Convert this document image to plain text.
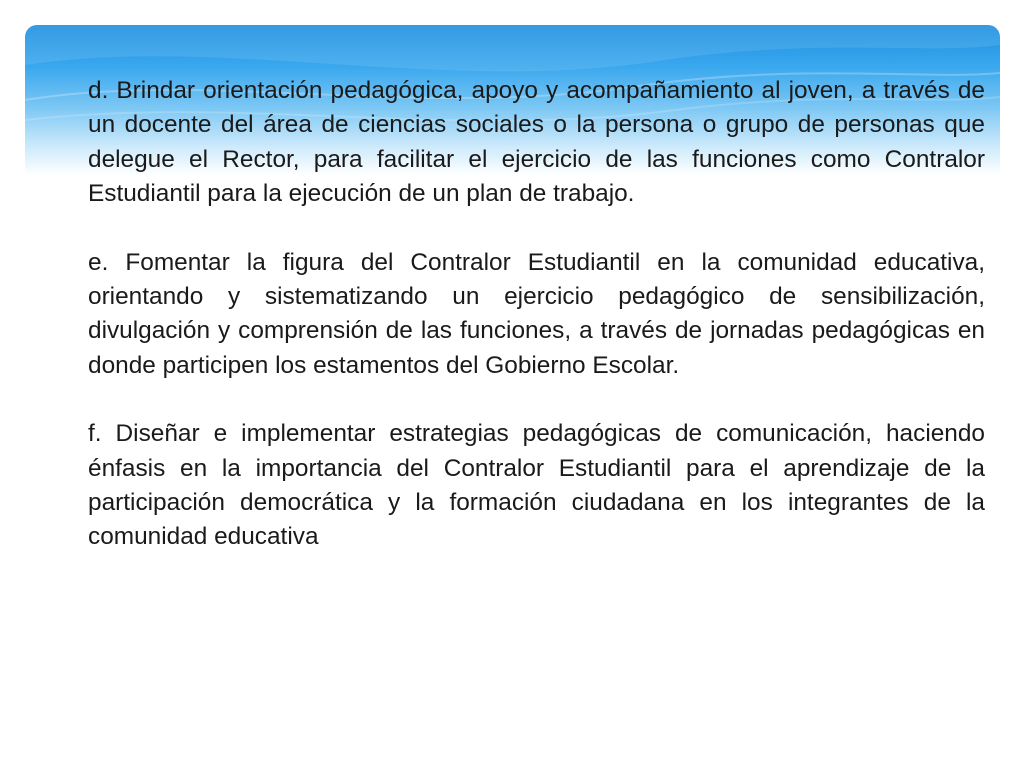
d. Brindar orientación pedagógica, apoyo y acompañamiento al joven, a través de un docente del área de ciencias sociales o la persona o grupo de personas que delegue el Rector, para facilitar el ejercicio de las funciones como Contralor Estudiantil para la ejecución de un plan de trabajo.

e. Fomentar la figura del Contralor Estudiantil en la comunidad educativa, orientando y sistematizando un ejercicio pedagógico de sensibilización, divulgación y comprensión de las funciones, a través de jornadas pedagógicas en donde participen los estamentos del Gobierno Escolar.

f. Diseñar e implementar estrategias pedagógicas de comunicación, haciendo énfasis en la importancia del Contralor Estudiantil para el aprendizaje de la participación democrática y la formación ciudadana en los integrantes de la comunidad educativa
